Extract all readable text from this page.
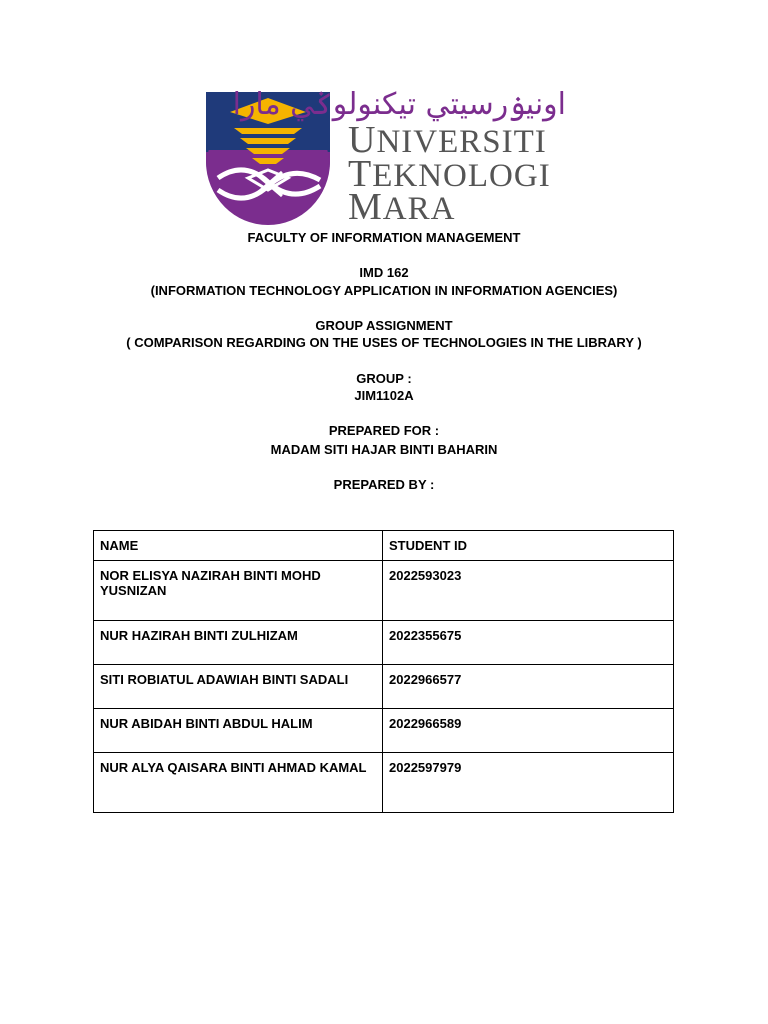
اونيۏرسيتي تيكنولوݢي مارا
UNIVERSITI
TEKNOLOGI
MARA
FACULTY OF INFORMATION MANAGEMENT
IMD 162
(INFORMATION TECHNOLOGY APPLICATION IN INFORMATION AGENCIES)
GROUP ASSIGNMENT
( COMPARISON REGARDING ON THE USES OF TECHNOLOGIES IN THE LIBRARY )
GROUP :
JIM1102A
PREPARED FOR :
MADAM SITI HAJAR BINTI BAHARIN
PREPARED BY :
NAME	STUDENT ID
NOR ELISYA NAZIRAH BINTI MOHD YUSNIZAN	2022593023
NUR HAZIRAH BINTI ZULHIZAM	2022355675
SITI ROBIATUL ADAWIAH BINTI SADALI	2022966577
NUR ABIDAH BINTI ABDUL HALIM	2022966589
NUR ALYA QAISARA BINTI AHMAD KAMAL	2022597979
